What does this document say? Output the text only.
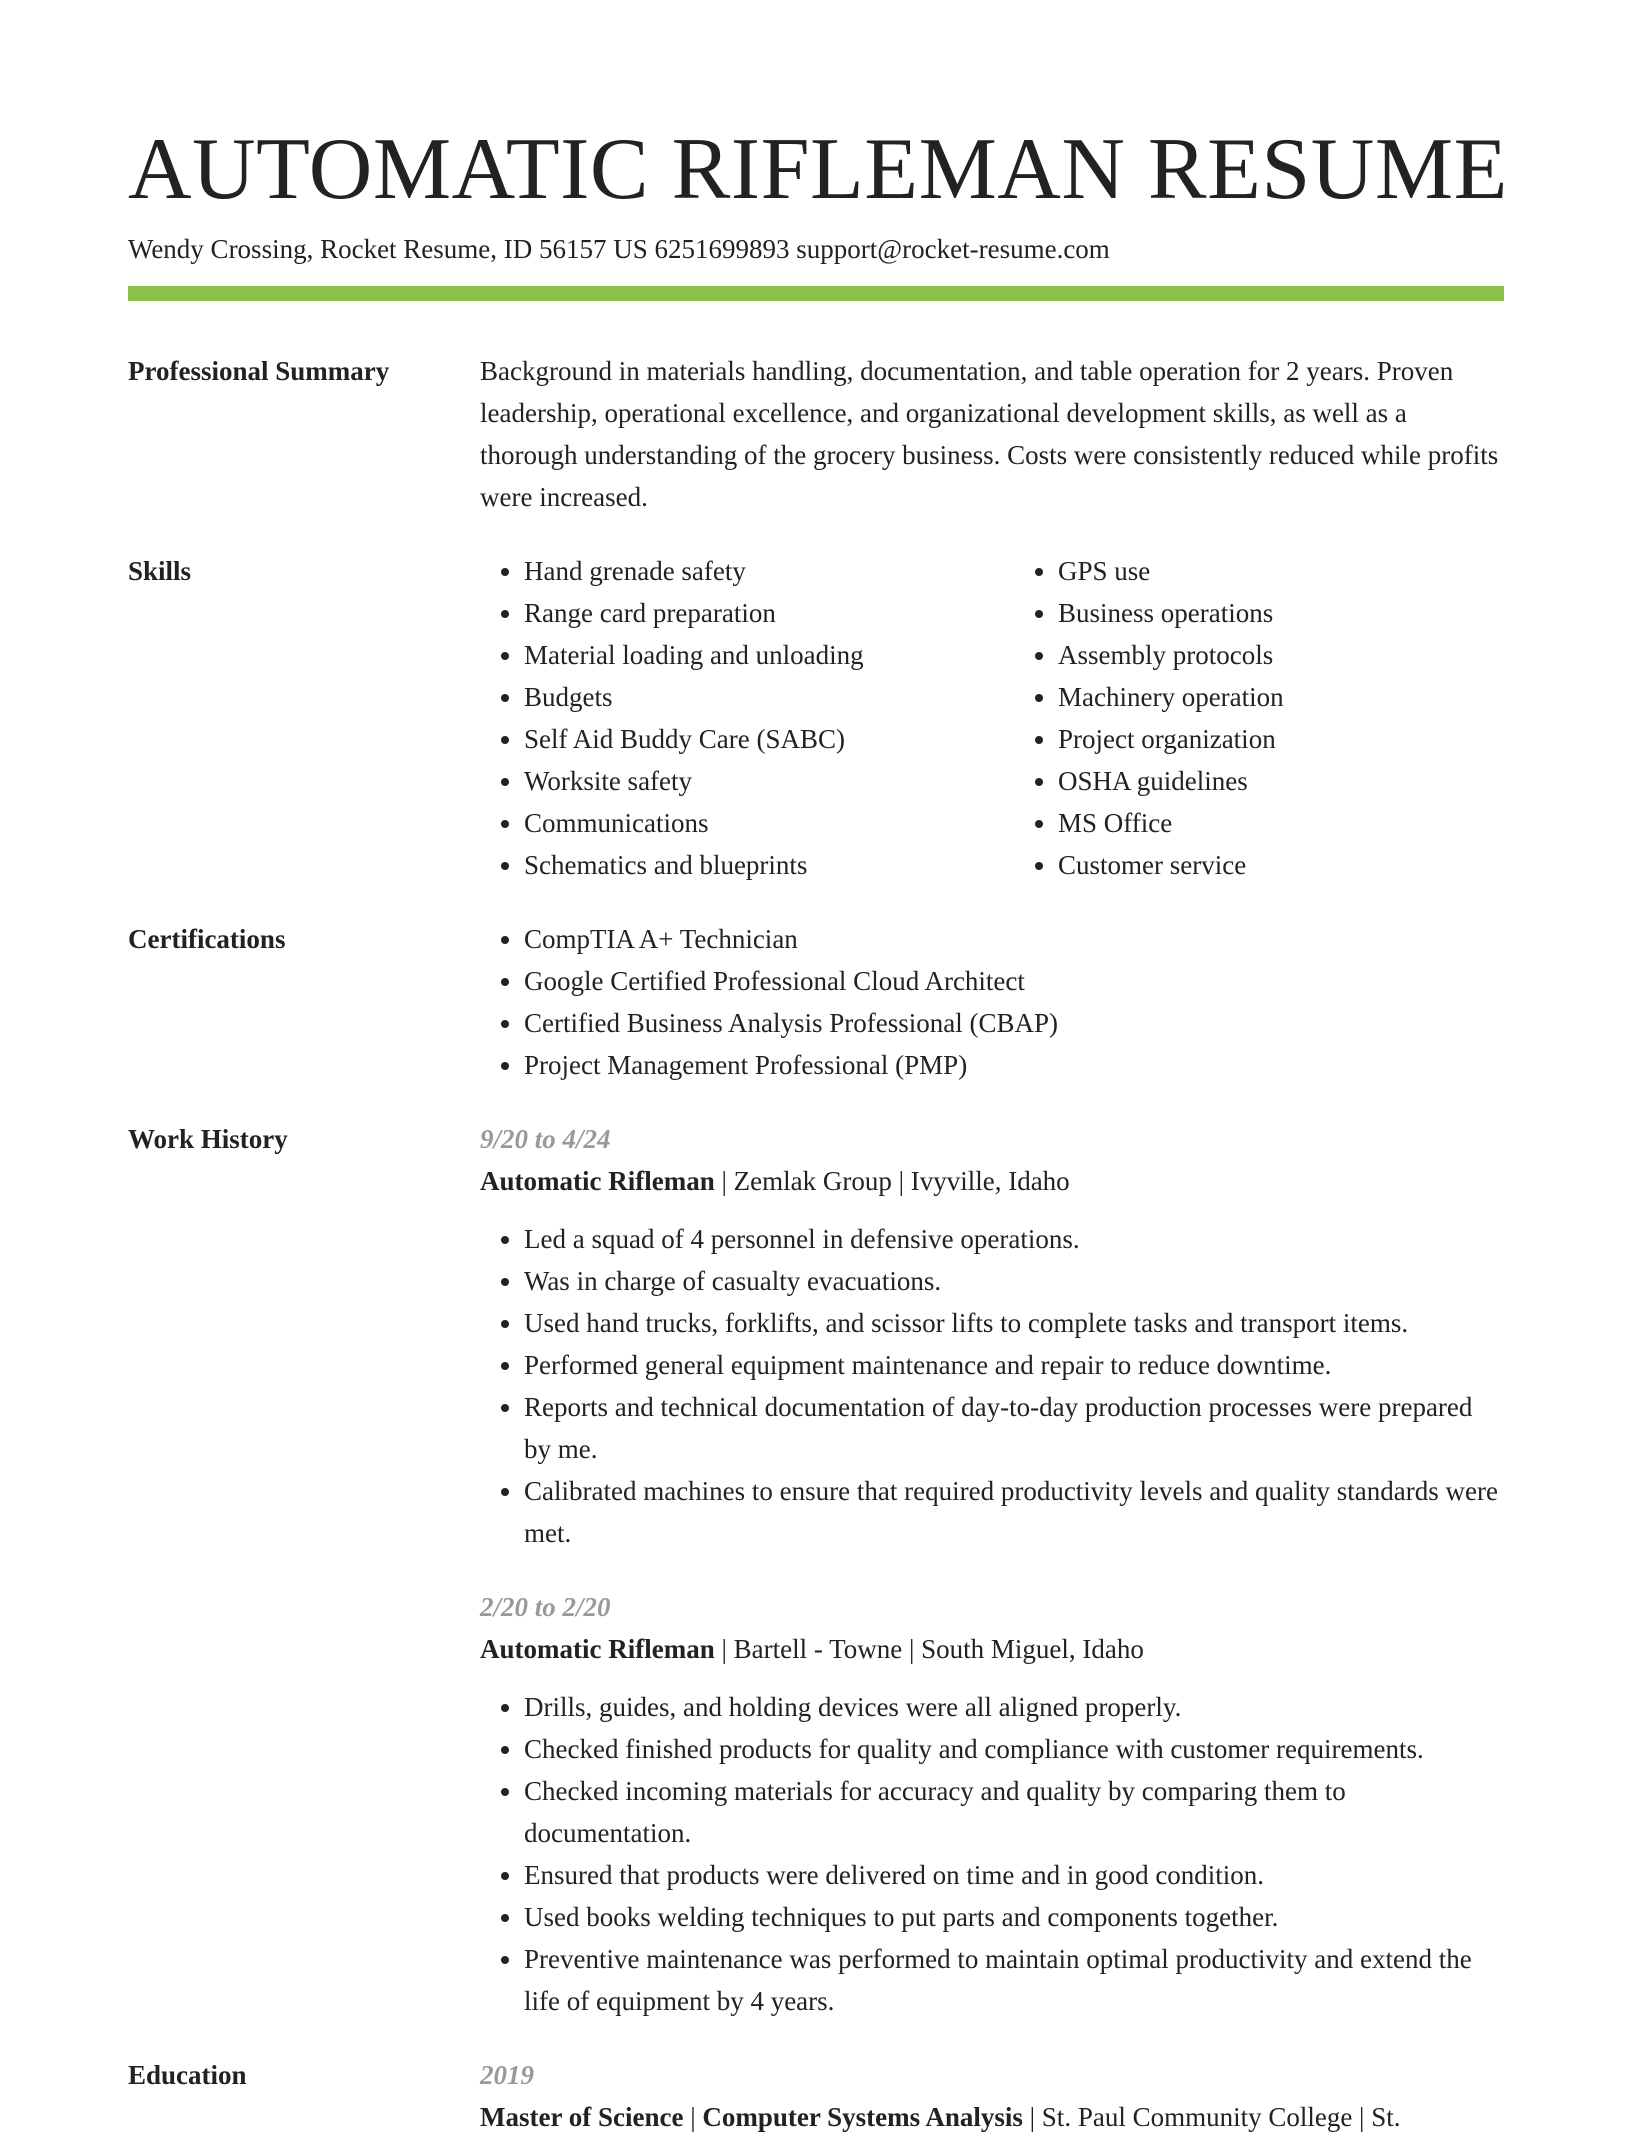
AUTOMATIC RIFLEMAN RESUME
Wendy Crossing, Rocket Resume, ID 56157 US 6251699893 support@rocket-resume.com
Professional Summary	Background in materials handling, documentation, and table operation for 2 years. Proven leadership, operational excellence, and organizational development skills, as well as a thorough understanding of the grocery business. Costs were consistently reduced while profits were increased.

Skills	• Hand grenade safety
• Range card preparation
• Material loading and unloading
• Budgets
• Self Aid Buddy Care (SABC)
• Worksite safety
• Communications
• Schematics and blueprints
• GPS use
• Business operations
• Assembly protocols
• Machinery operation
• Project organization
• OSHA guidelines
• MS Office
• Customer service
Certifications	• CompTIA A+ Technician
• Google Certified Professional Cloud Architect
• Certified Business Analysis Professional (CBAP)
• Project Management Professional (PMP)
Work History	9/20 to 4/24
Automatic Rifleman | Zemlak Group | Ivyville, Idaho
• Led a squad of 4 personnel in defensive operations.
• Was in charge of casualty evacuations.
• Used hand trucks, forklifts, and scissor lifts to complete tasks and transport items.
• Performed general equipment maintenance and repair to reduce downtime.
• Reports and technical documentation of day-to-day production processes were prepared by me.
• Calibrated machines to ensure that required productivity levels and quality standards were met.
2/20 to 2/20
Automatic Rifleman | Bartell - Towne | South Miguel, Idaho
• Drills, guides, and holding devices were all aligned properly.
• Checked finished products for quality and compliance with customer requirements.
• Checked incoming materials for accuracy and quality by comparing them to documentation.
• Ensured that products were delivered on time and in good condition.
• Used books welding techniques to put parts and components together.
• Preventive maintenance was performed to maintain optimal productivity and extend the life of equipment by 4 years.
Education	2019
Master of Science | Computer Systems Analysis | St. Paul Community College | St.
